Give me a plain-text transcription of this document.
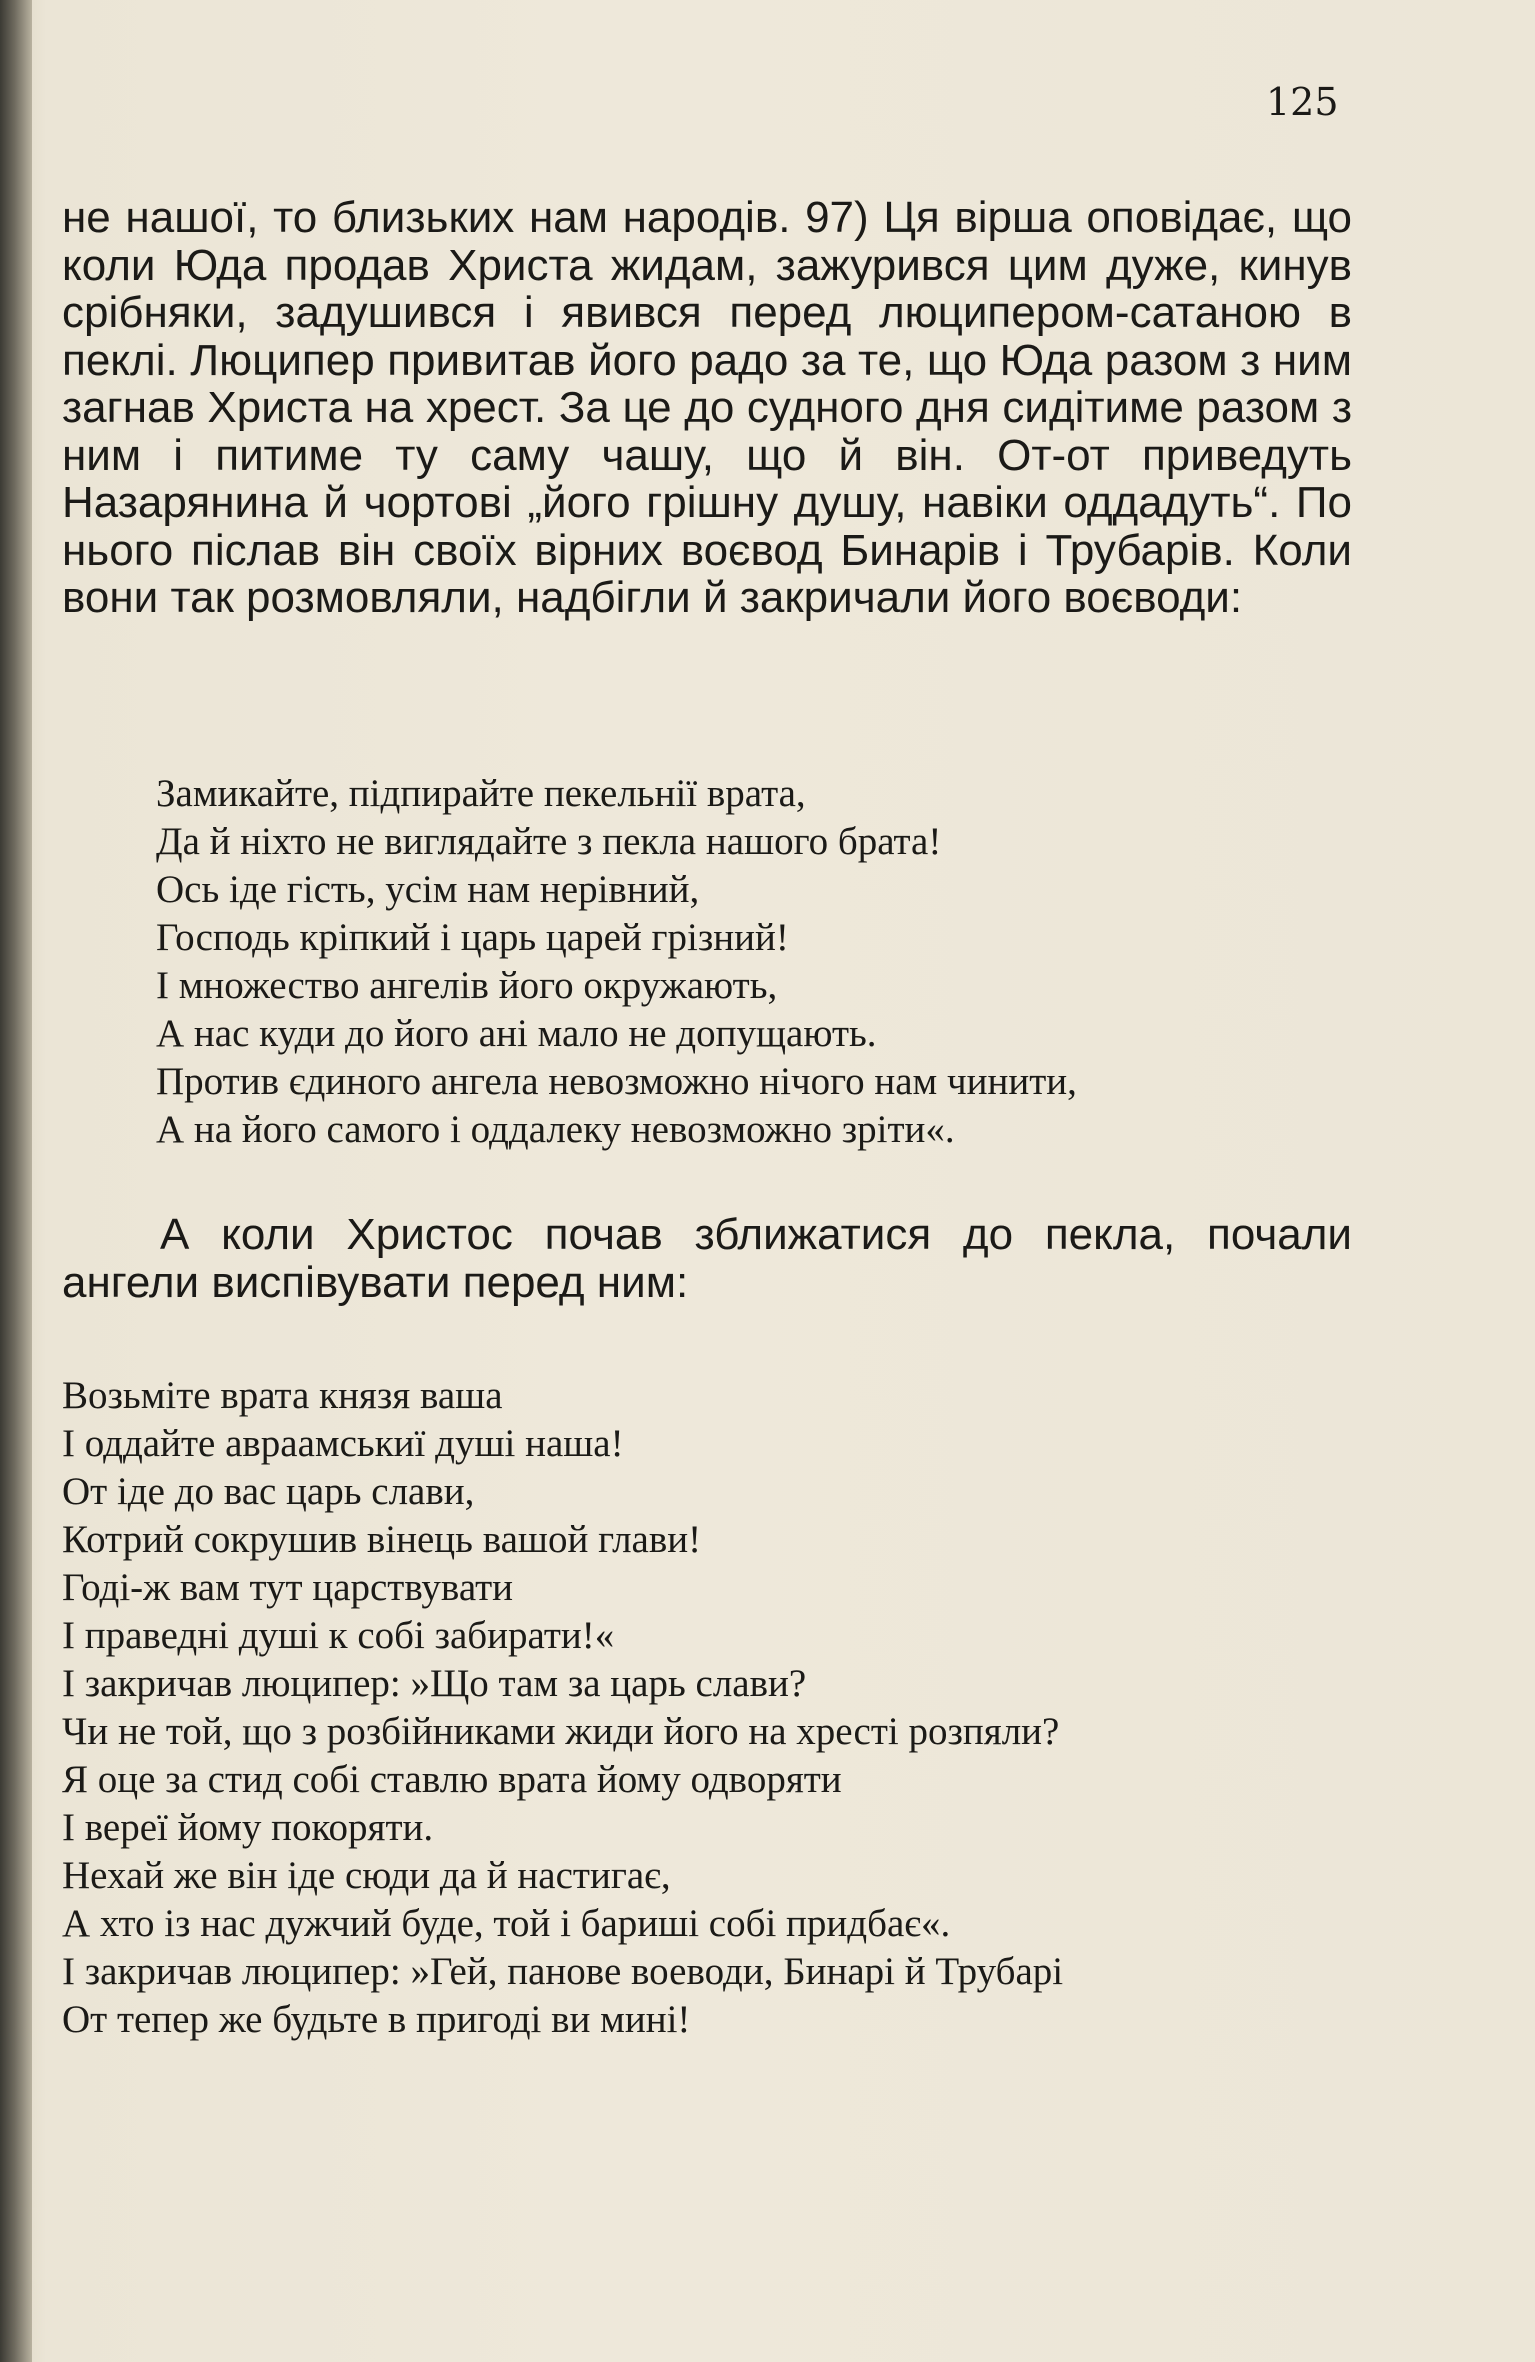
125

не нашої, то близьких нам народів. 97) Ця вірша оповідає, що коли Юда продав Христа жидам, зажурився цим дуже, кинув срібняки, задушився і явився перед люципером-сатаною в пеклі. Люципер привитав його радо за те, що Юда разом з ним загнав Христа на хрест. За це до судного дня сидітиме разом з ним і питиме ту саму чашу, що й він. От-от приведуть Назарянина й чортові „його грішну душу, навіки оддадуть“. По нього післав він своїх вірних воєвод Бинарів і Трубарів. Коли вони так розмовляли, надбігли й закричали його воєводи:

Замикайте, підпирайте пекельнії врата,
Да й ніхто не виглядайте з пекла нашого брата!
Ось іде гість, усім нам нерівний,
Господь кріпкий і царь царей грізний!
І множество ангелів його окружають,
А нас куди до його ані мало не допущають.
Против єдиного ангела невозможно нічого нам чинити,
А на його самого і оддалеку невозможно зріти«.

А коли Христос почав зближатися до пекла, почали ангели виспівувати перед ним:

Возьміте врата князя ваша
І оддайте авраамськиї душі наша!
От іде до вас царь слави,
Котрий сокрушив вінець вашой глави!
Годі-ж вам тут царствувати
І праведні душі к собі забирати!«
І закричав люципер: »Що там за царь слави?
Чи не той, що з розбійниками жиди його на хресті розпяли?
Я оце за стид собі ставлю врата йому одворяти
І вереї йому покоряти.
Нехай же він іде сюди да й настигає,
А хто із нас дужчий буде, той і бариші собі придбає«.
І закричав люципер: »Гей, панове воеводи, Бинарі й Трубарі
От тепер же будьте в пригоді ви мині!
